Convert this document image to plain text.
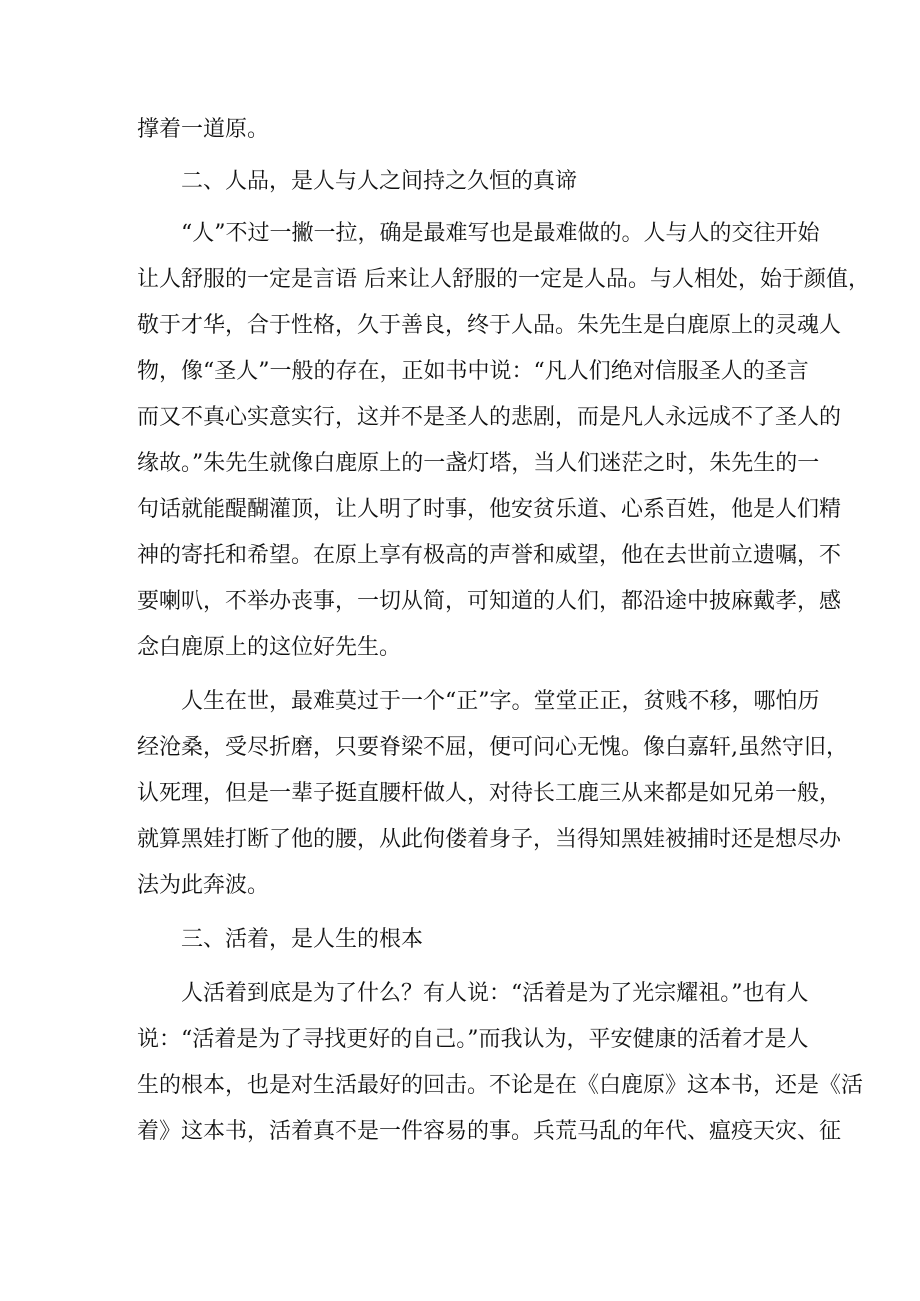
撑着一道原。
二、人品，是人与人之间持之久恒的真谛
“人”不过一撇一拉，确是最难写也是最难做的。人与人的交往开始
让人舒服的一定是言语 后来让人舒服的一定是人品。与人相处，始于颜值，
敬于才华，合于性格，久于善良，终于人品。朱先生是白鹿原上的灵魂人
物，像“圣人”一般的存在，正如书中说：“凡人们绝对信服圣人的圣言
而又不真心实意实行，这并不是圣人的悲剧，而是凡人永远成不了圣人的
缘故。”朱先生就像白鹿原上的一盏灯塔，当人们迷茫之时，朱先生的一
句话就能醍醐灌顶，让人明了时事，他安贫乐道、心系百姓，他是人们精
神的寄托和希望。在原上享有极高的声誉和威望，他在去世前立遗嘱，不
要喇叭，不举办丧事，一切从简，可知道的人们，都沿途中披麻戴孝，感
念白鹿原上的这位好先生。
人生在世，最难莫过于一个“正”字。堂堂正正，贫贱不移，哪怕历
经沧桑，受尽折磨，只要脊梁不屈，便可问心无愧。像白嘉轩,虽然守旧，
认死理，但是一辈子挺直腰杆做人，对待长工鹿三从来都是如兄弟一般，
就算黑娃打断了他的腰，从此佝偻着身子，当得知黑娃被捕时还是想尽办
法为此奔波。
三、活着，是人生的根本
人活着到底是为了什么？有人说：“活着是为了光宗耀祖。”也有人
说：“活着是为了寻找更好的自己。”而我认为，平安健康的活着才是人
生的根本，也是对生活最好的回击。不论是在《白鹿原》这本书，还是《活
着》这本书，活着真不是一件容易的事。兵荒马乱的年代、瘟疫天灾、征
